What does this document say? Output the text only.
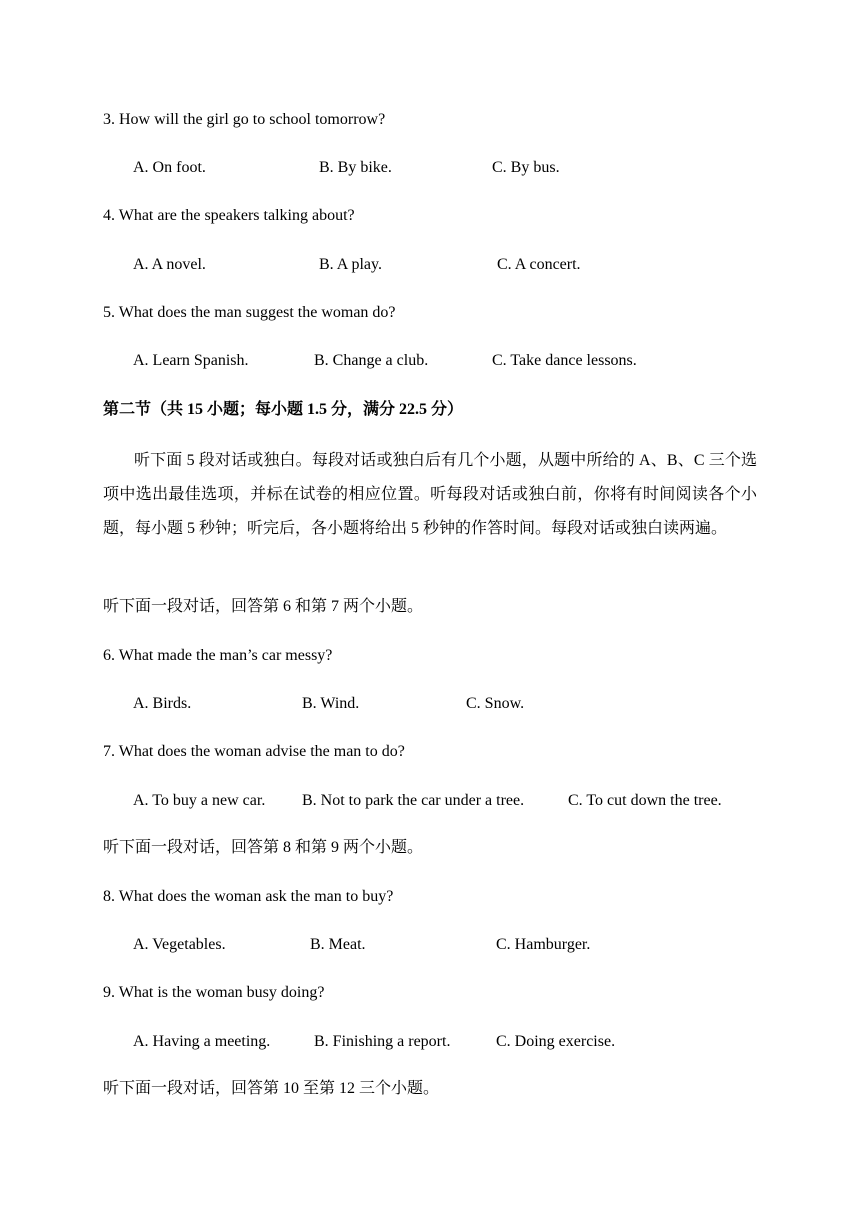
3. How will the girl go to school tomorrow?
A. On foot.	B. By bike.	C. By bus.
4. What are the speakers talking about?
A. A novel.	B. A play.	C. A concert.
5. What does the man suggest the woman do?
A. Learn Spanish.	B. Change a club.	C. Take dance lessons.
第二节（共 15 小题；每小题 1.5 分，满分 22.5 分）
听下面 5 段对话或独白。每段对话或独白后有几个小题，从题中所给的 A、B、C 三个选项中选出最佳选项，并标在试卷的相应位置。听每段对话或独白前，你将有时间阅读各个小题，每小题 5 秒钟；听完后，各小题将给出 5 秒钟的作答时间。每段对话或独白读两遍。
听下面一段对话，回答第 6 和第 7 两个小题。
6. What made the man’s car messy?
A. Birds.	B. Wind.	C. Snow.
7. What does the woman advise the man to do?
A. To buy a new car. B. Not to park the car under a tree.	C. To cut down the tree.
听下面一段对话，回答第 8 和第 9 两个小题。
8. What does the woman ask the man to buy?
A. Vegetables.	B. Meat.	C. Hamburger.
9. What is the woman busy doing?
A. Having a meeting.	B. Finishing a report.	C. Doing exercise.
听下面一段对话，回答第 10 至第 12 三个小题。
